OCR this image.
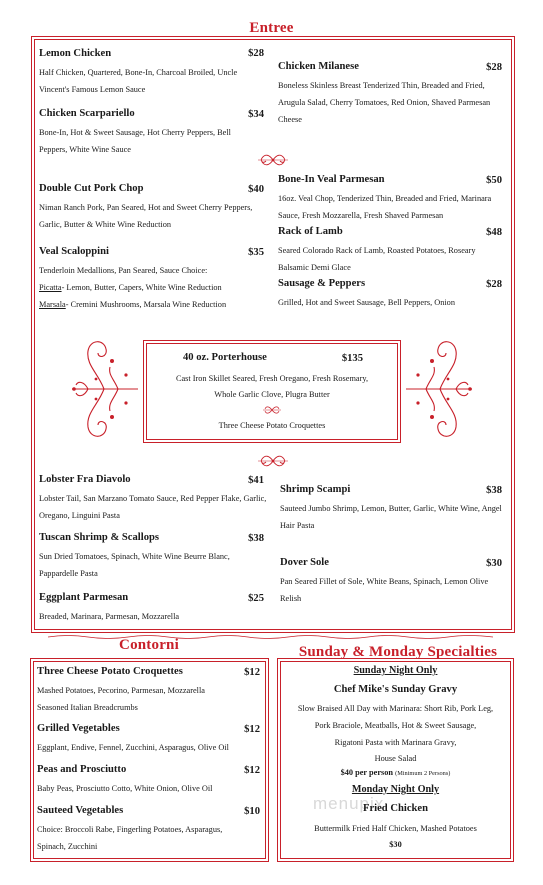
Entree
Lemon Chicken	$28
Half Chicken, Quartered, Bone-In, Charcoal Broiled, Uncle Vincent's Famous Lemon Sauce
Chicken Scarpariello	$34
Bone-In, Hot & Sweet Sausage, Hot Cherry Peppers, Bell Peppers, White Wine Sauce
Double Cut Pork Chop	$40
Niman Ranch Pork, Pan Seared, Hot and Sweet Cherry Peppers, Garlic, Butter & White Wine Reduction
Veal Scaloppini	$35
Tenderloin Medallions, Pan Seared, Sauce Choice:
Picatta- Lemon, Butter, Capers, White Wine Reduction
Marsala- Cremini Mushrooms, Marsala Wine Reduction
Chicken Milanese	$28
Boneless Skinless Breast Tenderized Thin, Breaded and Fried, Arugula Salad, Cherry Tomatoes, Red Onion, Shaved Parmesan Cheese
Bone-In Veal Parmesan	$50
16oz. Veal Chop, Tenderized Thin, Breaded and Fried, Marinara Sauce, Fresh Mozzarella, Fresh Shaved Parmesan
Rack of Lamb	$48
Seared Colorado Rack of Lamb, Roasted Potatoes, Roseary Balsamic Demi Glace
Sausage & Peppers	$28
Grilled, Hot and Sweet Sausage, Bell Peppers, Onion
40 oz. Porterhouse	$135
Cast Iron Skillet Seared, Fresh Oregano, Fresh Rosemary,
Whole Garlic Clove, Plugra Butter
Three Cheese Potato Croquettes
Lobster Fra Diavolo	$41
Lobster Tail, San Marzano Tomato Sauce, Red Pepper Flake, Garlic, Oregano, Linguini Pasta
Tuscan Shrimp & Scallops	$38
Sun Dried Tomatoes, Spinach, White Wine Beurre Blanc, Pappardelle Pasta
Eggplant Parmesan	$25
Breaded, Marinara, Parmesan, Mozzarella
Shrimp Scampi	$38
Sauteed Jumbo Shrimp, Lemon, Butter, Garlic, White Wine, Angel Hair Pasta
Dover Sole	$30
Pan Seared Fillet of Sole, White Beans, Spinach, Lemon Olive Relish
Contorni
Three Cheese Potato Croquettes	$12
Mashed Potatoes, Pecorino, Parmesan, Mozzarella Seasoned Italian Breadcrumbs
Grilled Vegetables	$12
Eggplant, Endive, Fennel, Zucchini, Asparagus, Olive Oil
Peas and Prosciutto	$12
Baby Peas, Prosciutto Cotto, White Onion, Olive Oil
Sauteed Vegetables	$10
Choice: Broccoli Rabe, Fingerling Potatoes, Asparagus, Spinach, Zucchini
Sunday & Monday Specialties
Sunday Night Only
Chef Mike's Sunday Gravy
Slow Braised All Day with Marinara: Short Rib, Pork Leg,
Pork Braciole, Meatballs, Hot & Sweet Sausage,
Rigatoni Pasta with Marinara Gravy,
House Salad
$40 per person (Minimum 2 Persons)
menupix
Monday Night Only
Fried Chicken
Buttermilk Fried Half Chicken, Mashed Potatoes
$30
